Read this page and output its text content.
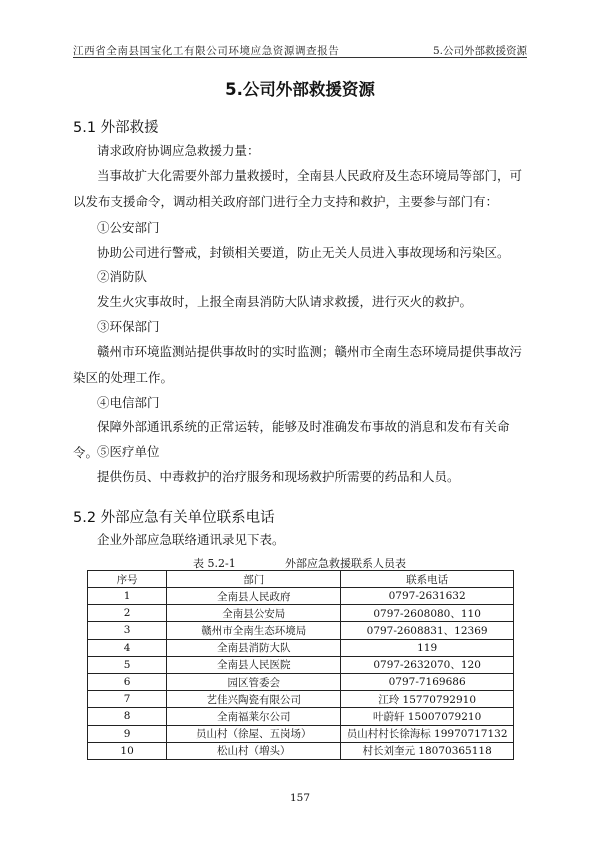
江西省全南县国宝化工有限公司环境应急资源调查报告	5.公司外部救援资源
5.公司外部救援资源
5.1 外部救援
请求政府协调应急救援力量：
当事故扩大化需要外部力量救援时，全南县人民政府及生态环境局等部门，可以发布支援命令，调动相关政府部门进行全力支持和救护，主要参与部门有：
①公安部门
协助公司进行警戒，封锁相关要道，防止无关人员进入事故现场和污染区。
②消防队
发生火灾事故时，上报全南县消防大队请求救援，进行灭火的救护。
③环保部门
赣州市环境监测站提供事故时的实时监测；赣州市全南生态环境局提供事故污染区的处理工作。
④电信部门
保障外部通讯系统的正常运转，能够及时准确发布事故的消息和发布有关命令。
⑤医疗单位
提供伤员、中毒救护的治疗服务和现场救护所需要的药品和人员。
5.2 外部应急有关单位联系电话
企业外部应急联络通讯录见下表。
表 5.2-1	外部应急救援联系人员表
序号	部门	联系电话
1	全南县人民政府	0797-2631632
2	全南县公安局	0797-2608080、110
3	赣州市全南生态环境局	0797-2608831、12369
4	全南县消防大队	119
5	全南县人民医院	0797-2632070、120
6	园区管委会	0797-7169686
7	艺佳兴陶瓷有限公司	江玲 15770792910
8	全南福莱尔公司	叶蔚轩 15007079210
9	员山村（徐屋、五岗场）	员山村村长徐海标 19970717132
10	松山村（増头）	村长刘奎元 18070365118
157
